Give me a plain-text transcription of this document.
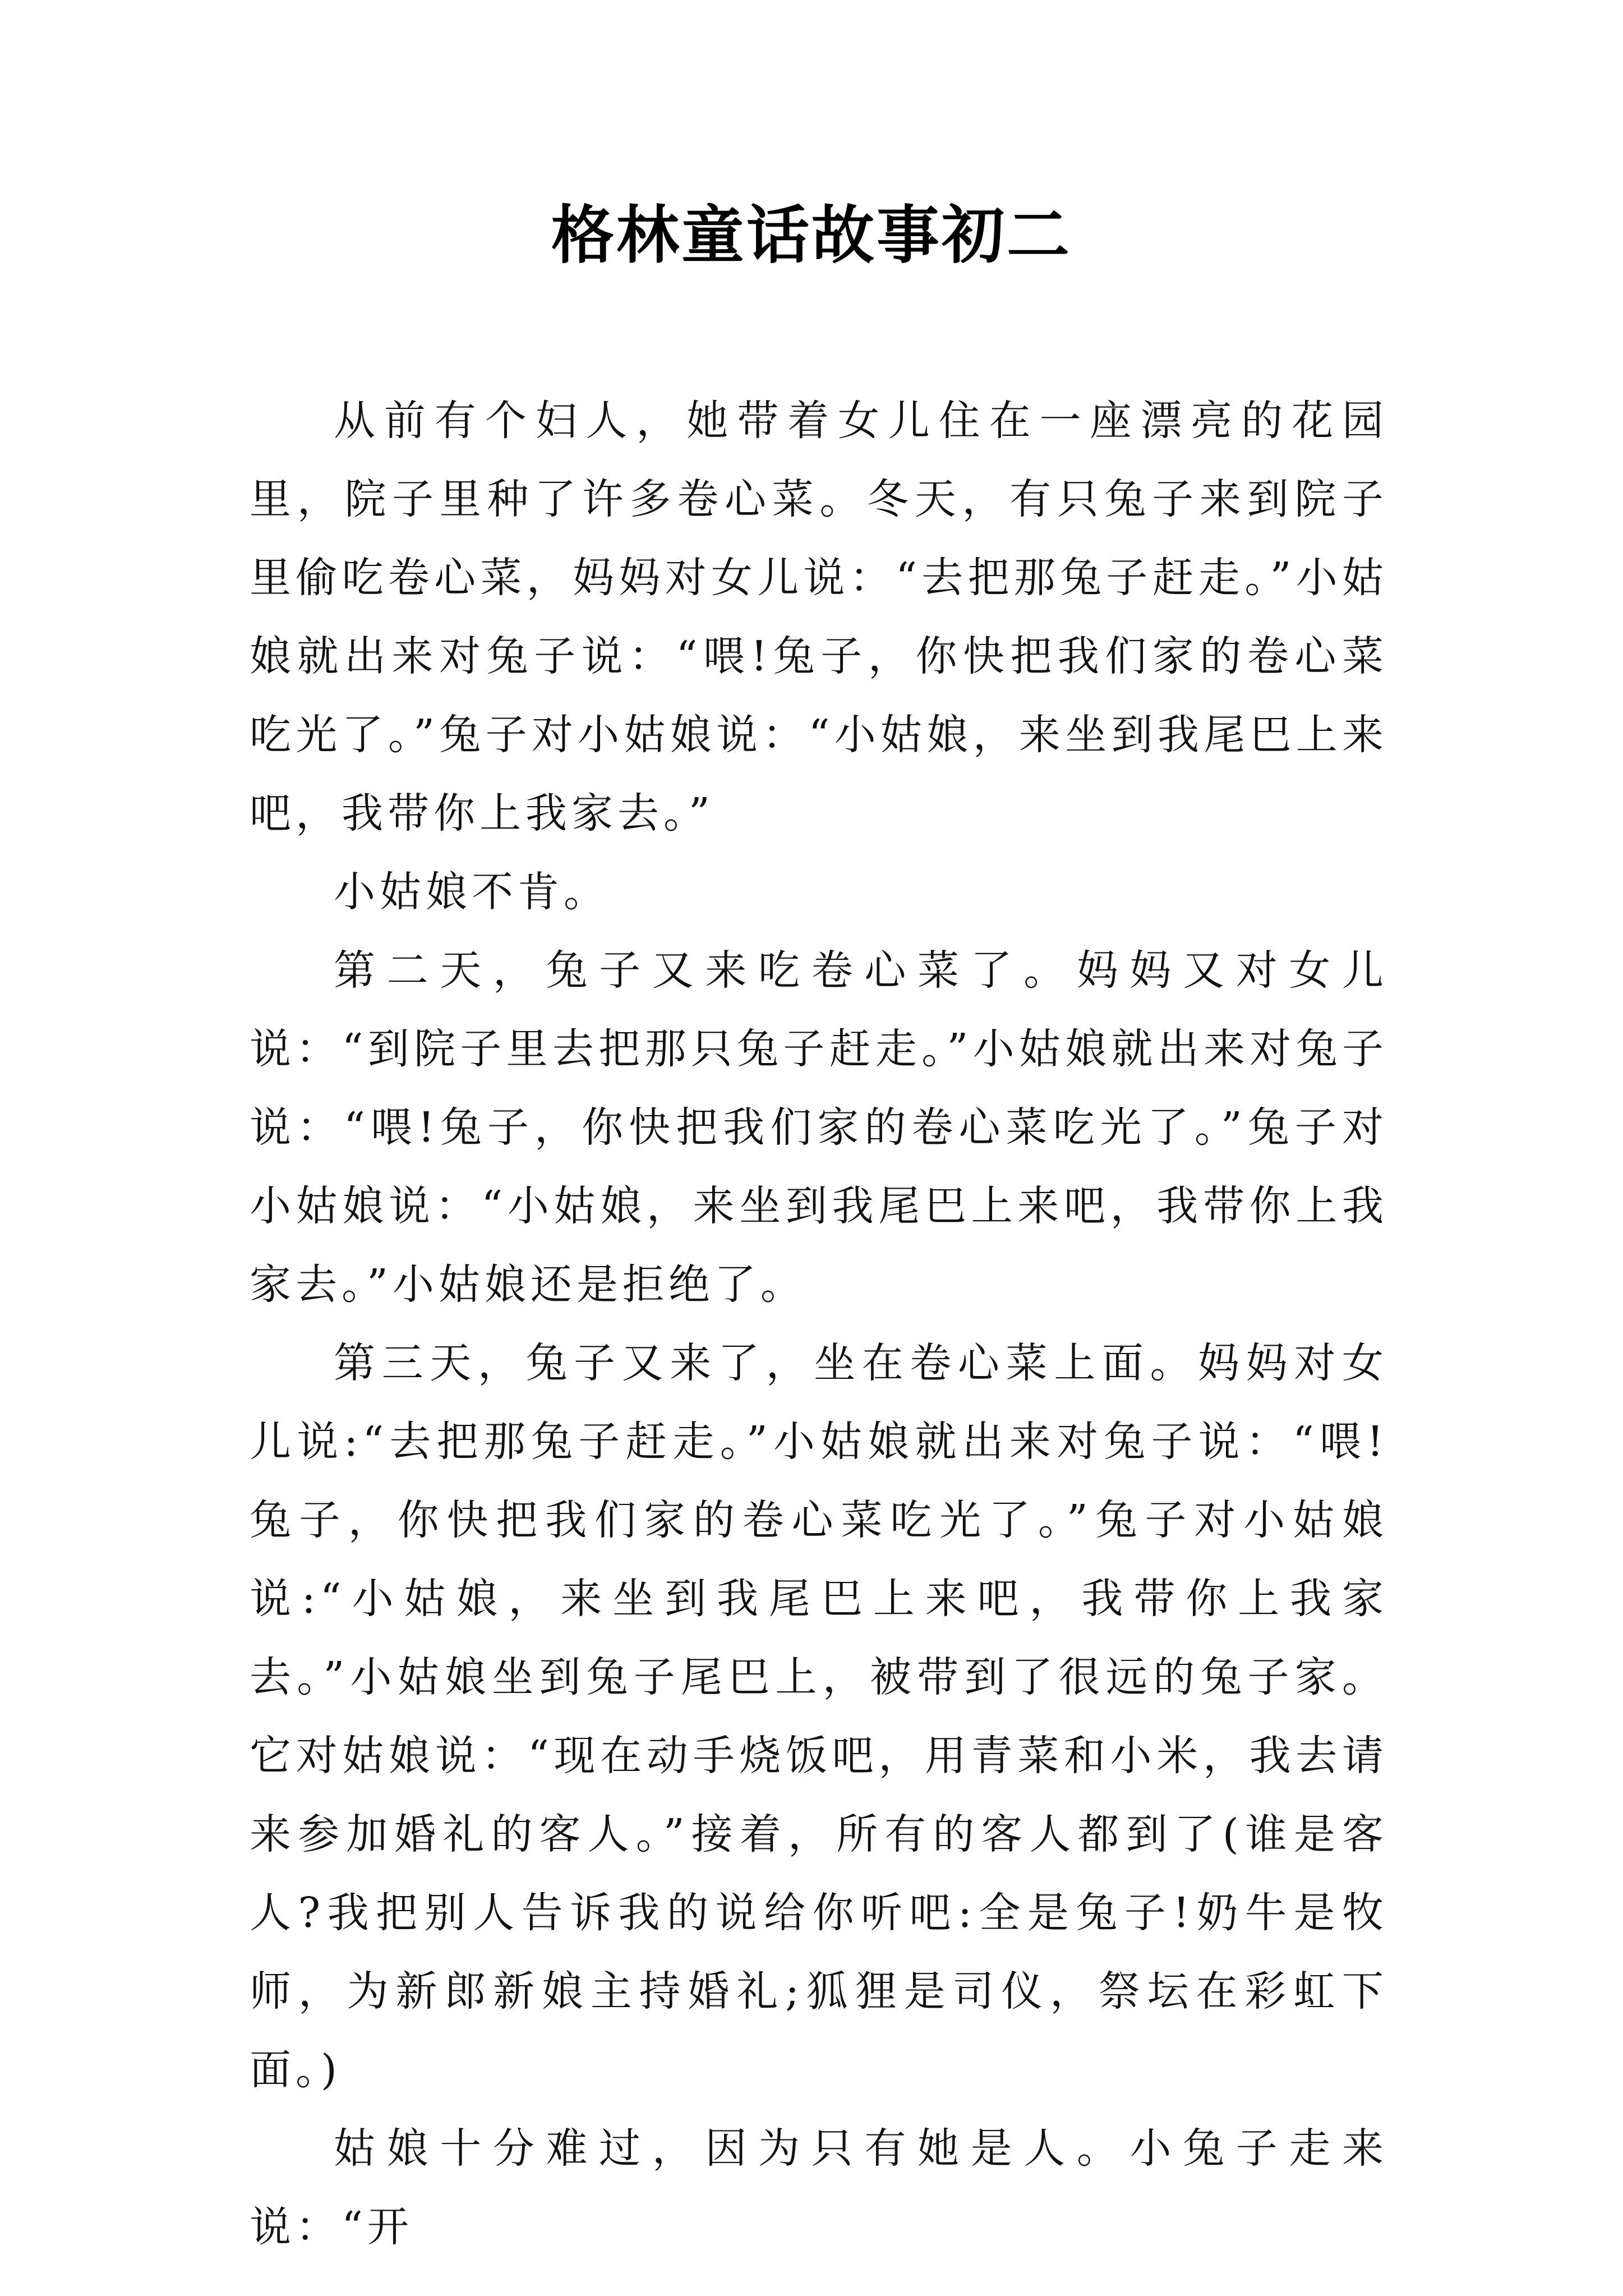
格林童话故事初二

从前有个妇人，她带着女儿住在一座漂亮的花园里，院子里种了许多卷心菜。冬天，有只兔子来到院子里偷吃卷心菜，妈妈对女儿说：“去把那兔子赶走。”小姑娘就出来对兔子说：“喂!兔子，你快把我们家的卷心菜吃光了。”兔子对小姑娘说：“小姑娘，来坐到我尾巴上来吧，我带你上我家去。”

小姑娘不肯。

第二天，兔子又来吃卷心菜了。妈妈又对女儿说：“到院子里去把那只兔子赶走。”小姑娘就出来对兔子说：“喂!兔子，你快把我们家的卷心菜吃光了。”兔子对小姑娘说：“小姑娘，来坐到我尾巴上来吧，我带你上我家去。”小姑娘还是拒绝了。

第三天，兔子又来了，坐在卷心菜上面。妈妈对女儿说:“去把那兔子赶走。”小姑娘就出来对兔子说：“喂!兔子，你快把我们家的卷心菜吃光了。”兔子对小姑娘说:“小姑娘，来坐到我尾巴上来吧，我带你上我家去。”小姑娘坐到兔子尾巴上，被带到了很远的兔子家。它对姑娘说：“现在动手烧饭吧，用青菜和小米，我去请来参加婚礼的客人。”接着，所有的客人都到了(谁是客人?我把别人告诉我的说给你听吧:全是兔子!奶牛是牧师，为新郎新娘主持婚礼;狐狸是司仪，祭坛在彩虹下面。)

姑娘十分难过，因为只有她是人。小兔子走来说：“开
